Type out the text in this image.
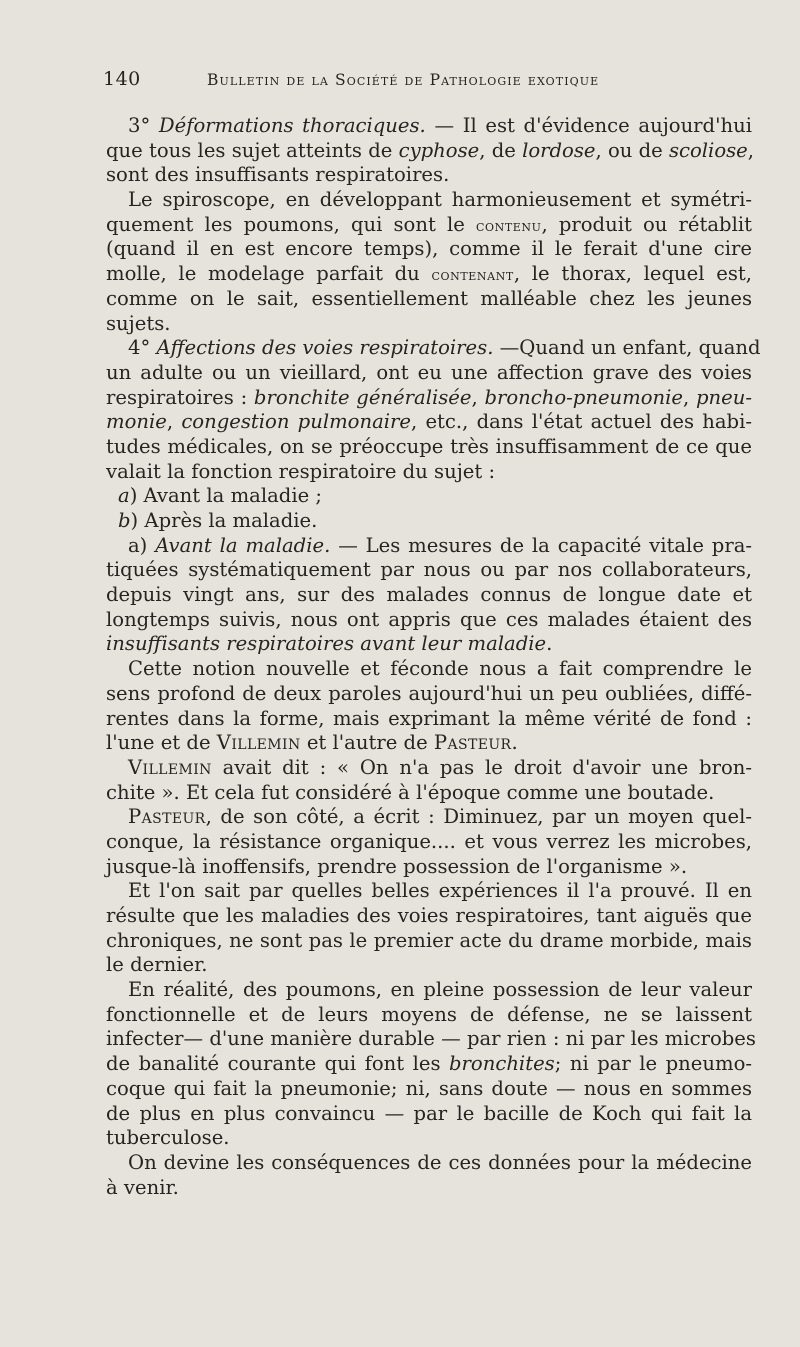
140	Bulletin de la Société de Pathologie exotique
3° Déformations thoraciques. — Il est d'évidence aujourd'hui
que tous les sujet atteints de cyphose, de lordose, ou de scoliose,
sont des insuffisants respiratoires.
Le spiroscope, en développant harmonieusement et symétri-
quement les poumons, qui sont le contenu, produit ou rétablit
(quand il en est encore temps), comme il le ferait d'une cire
molle, le modelage parfait du contenant, le thorax, lequel est,
comme on le sait, essentiellement malléable chez les jeunes
sujets.
4° Affections des voies respiratoires. —Quand un enfant, quand
un adulte ou un vieillard, ont eu une affection grave des voies
respiratoires : bronchite généralisée, broncho-pneumonie, pneu-
monie, congestion pulmonaire, etc., dans l'état actuel des habi-
tudes médicales, on se préoccupe très insuffisamment de ce que
valait la fonction respiratoire du sujet :
a) Avant la maladie ;
b) Après la maladie.
a) Avant la maladie. — Les mesures de la capacité vitale pra-
tiquées systématiquement par nous ou par nos collaborateurs,
depuis vingt ans, sur des malades connus de longue date et
longtemps suivis, nous ont appris que ces malades étaient des
insuffisants respiratoires avant leur maladie.
Cette notion nouvelle et féconde nous a fait comprendre le
sens profond de deux paroles aujourd'hui un peu oubliées, diffé-
rentes dans la forme, mais exprimant la même vérité de fond :
l'une et de Villemin et l'autre de Pasteur.
Villemin avait dit : « On n'a pas le droit d'avoir une bron-
chite ». Et cela fut considéré à l'époque comme une boutade.
Pasteur, de son côté, a écrit : Diminuez, par un moyen quel-
conque, la résistance organique.... et vous verrez les microbes,
jusque-là inoffensifs, prendre possession de l'organisme ».
Et l'on sait par quelles belles expériences il l'a prouvé. Il en
résulte que les maladies des voies respiratoires, tant aiguës que
chroniques, ne sont pas le premier acte du drame morbide, mais
le dernier.
En réalité, des poumons, en pleine possession de leur valeur
fonctionnelle et de leurs moyens de défense, ne se laissent
infecter— d'une manière durable — par rien : ni par les microbes
de banalité courante qui font les bronchites; ni par le pneumo-
coque qui fait la pneumonie; ni, sans doute — nous en sommes
de plus en plus convaincu — par le bacille de Koch qui fait la
tuberculose.
On devine les conséquences de ces données pour la médecine
à venir.
